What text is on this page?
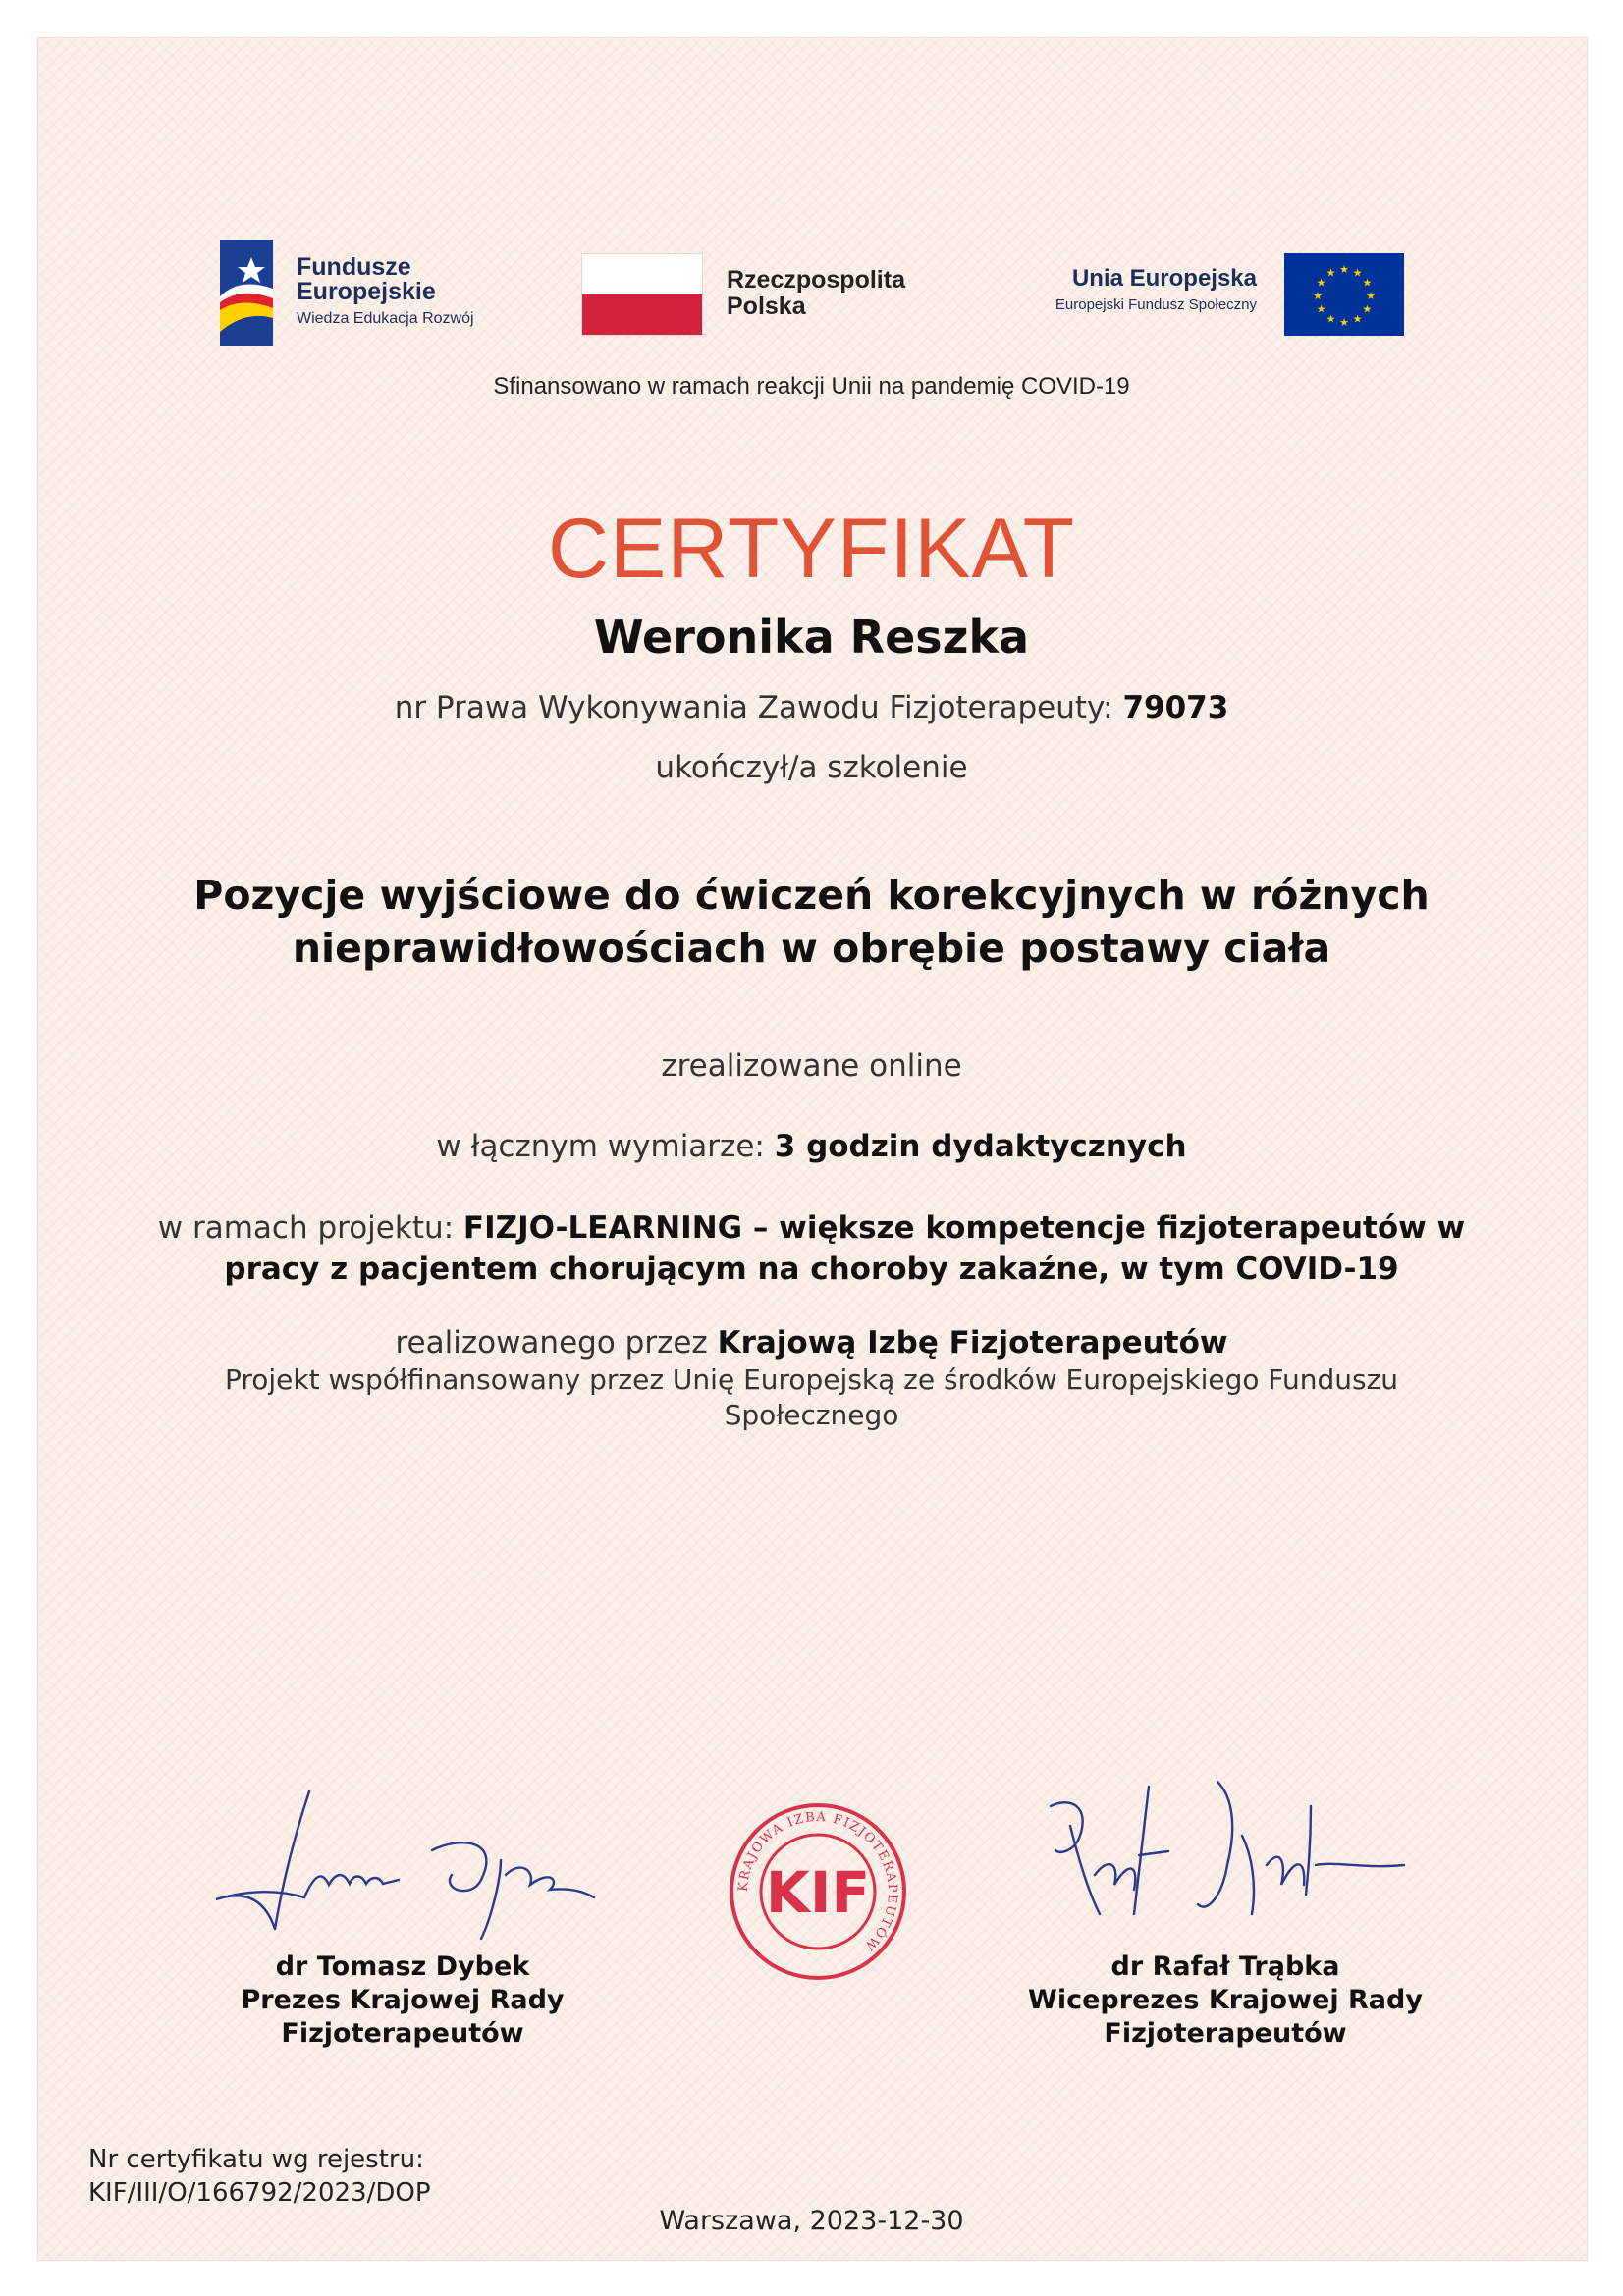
Fundusze
Europejskie
Wiedza Edukacja Rozwój
Rzeczpospolita
Polska
Unia Europejska
Europejski Fundusz Społeczny
★ ★
★
★
★
★
★
★
★
★
★
★
Sfinansowano w ramach reakcji Unii na pandemię COVID-19
CERTYFIKAT
Weronika Reszka
nr Prawa Wykonywania Zawodu Fizjoterapeuty: 79073
ukończył/a szkolenie
Pozycje wyjściowe do ćwiczeń korekcyjnych w różnych
nieprawidłowościach w obrębie postawy ciała
zrealizowane online
w łącznym wymiarze: 3 godzin dydaktycznych
w ramach projektu: FIZJO-LEARNING – większe kompetencje fizjoterapeutów w
pracy z pacjentem chorującym na choroby zakaźne, w tym COVID-19
realizowanego przez Krajową Izbę Fizjoterapeutów
Projekt współfinansowany przez Unię Europejską ze środków Europejskiego Funduszu
Społecznego
KRAJOWA IZBA FIZJOTERAPEUTÓW
KIF
dr Tomasz Dybek
Prezes Krajowej Rady
Fizjoterapeutów
dr Rafał Trąbka
Wiceprezes Krajowej Rady
Fizjoterapeutów
Nr certyfikatu wg rejestru:
KIF/III/O/166792/2023/DOP
Warszawa, 2023-12-30
